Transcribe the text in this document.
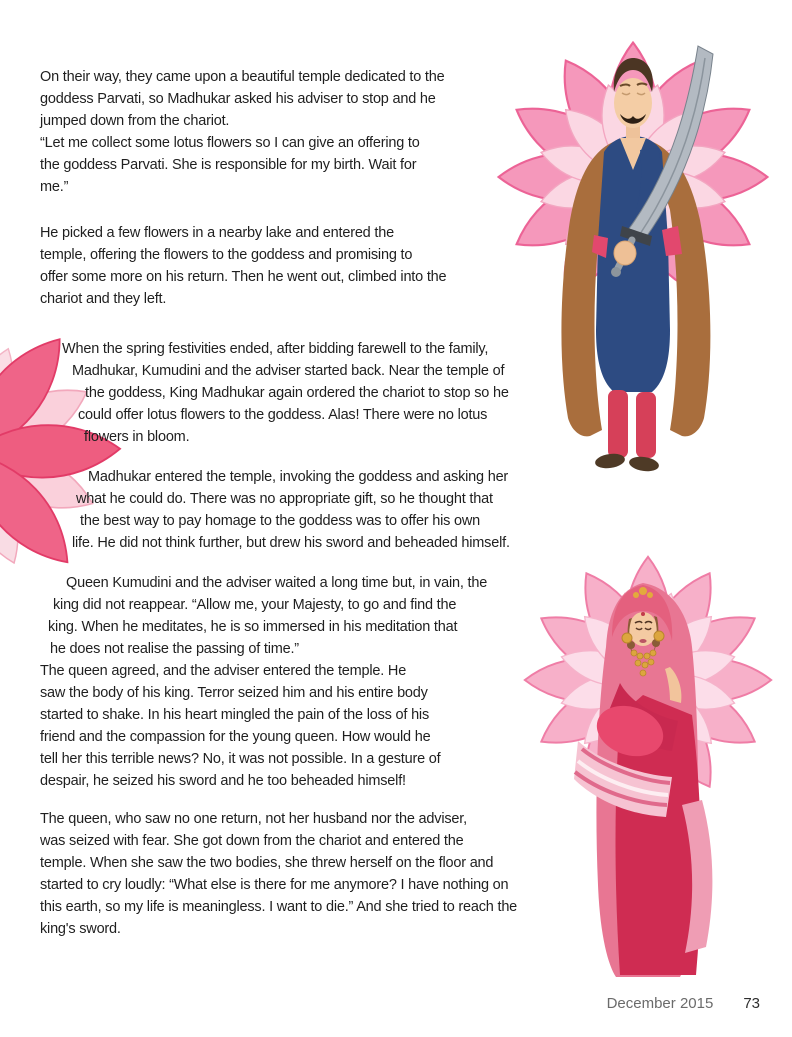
On their way, they came upon a beautiful temple dedicated to the
goddess Parvati, so Madhukar asked his adviser to stop and he
jumped down from the chariot.
“Let me collect some lotus flowers so I can give an offering to
the goddess Parvati. She is responsible for my birth. Wait for
me.”
He picked a few flowers in a nearby lake and entered the
temple, offering the flowers to the goddess and promising to
offer some more on his return. Then he went out, climbed into the
chariot and they left.
When the spring festivities ended, after bidding farewell to the family,
Madhukar, Kumudini and the adviser started back. Near the temple of
the goddess, King Madhukar again ordered the chariot to stop so he
could offer lotus flowers to the goddess. Alas! There were no lotus
flowers in bloom.
Madhukar entered the temple, invoking the goddess and asking her
what he could do. There was no appropriate gift, so he thought that
the best way to pay homage to the goddess was to offer his own
life. He did not think further, but drew his sword and beheaded himself.
Queen Kumudini and the adviser waited a long time but, in vain, the
king did not reappear. “Allow me, your Majesty, to go and find the
king. When he meditates, he is so immersed in his meditation that
he does not realise the passing of time.”
The queen agreed, and the adviser entered the temple. He
saw the body of his king. Terror seized him and his entire body
started to shake. In his heart mingled the pain of the loss of his
friend and the compassion for the young queen. How would he
tell her this terrible news? No, it was not possible. In a gesture of
despair, he seized his sword and he too beheaded himself!
The queen, who saw no one return, not her husband nor the adviser,
was seized with fear. She got down from the chariot and entered the
temple. When she saw the two bodies, she threw herself on the floor and
started to cry loudly: “What else is there for me anymore? I have nothing on
this earth, so my life is meaningless. I want to die.” And she tried to reach the
king's sword.
December 2015 73
